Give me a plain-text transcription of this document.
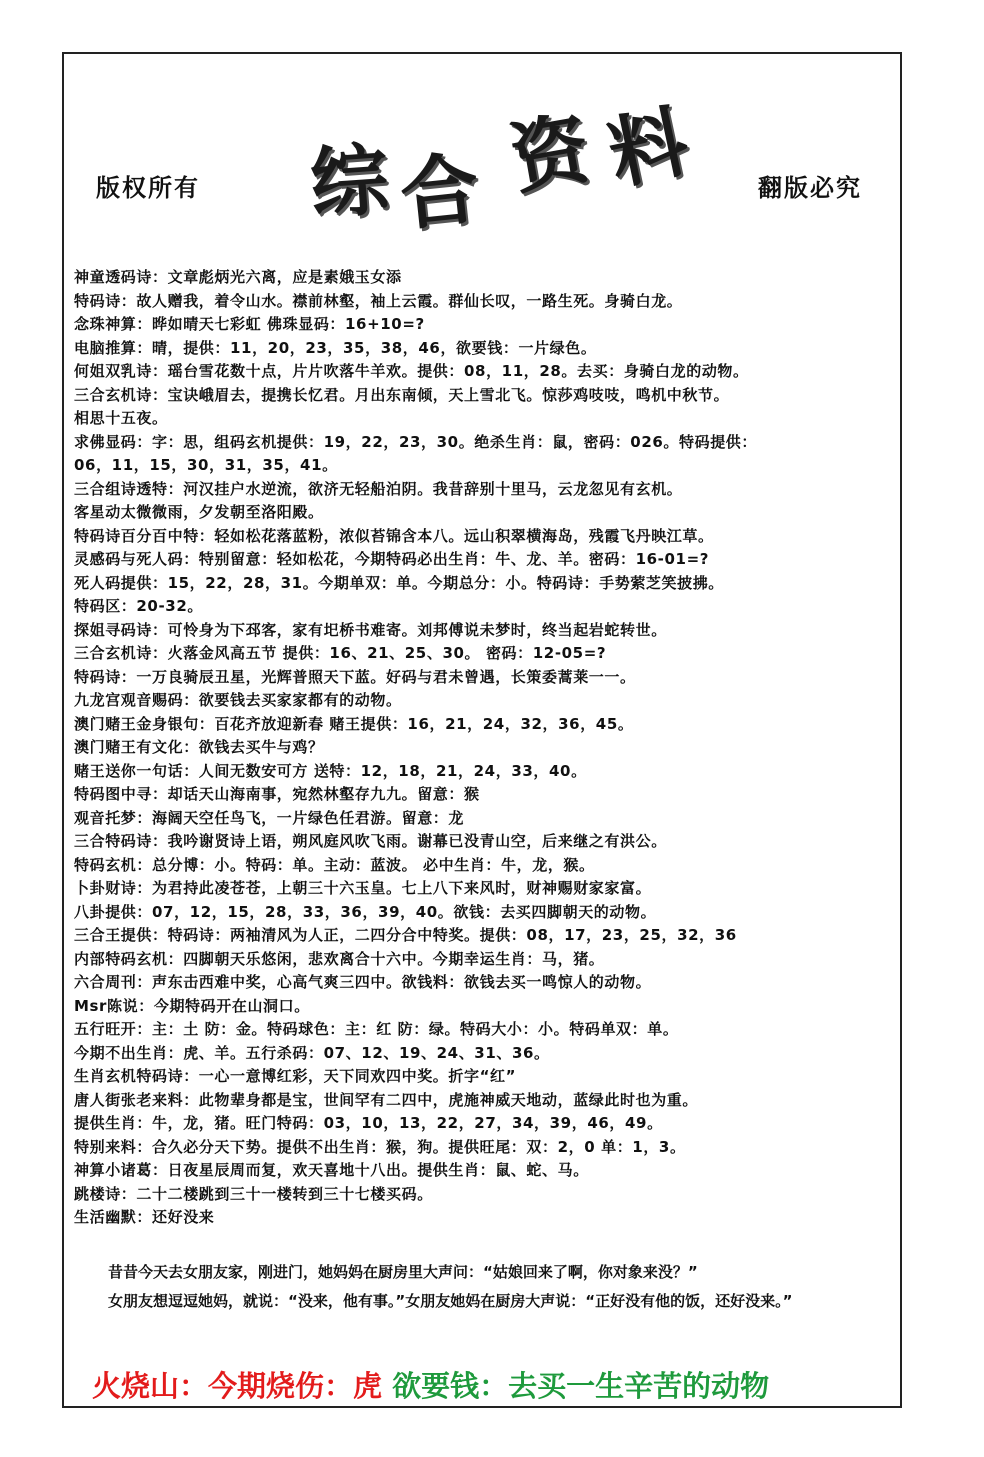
版权所有	翻版必究
综 合 资 料
神童透码诗：文章彪炳光六离，应是素娥玉女添
特码诗：故人赠我，着令山水。襟前林壑，袖上云霞。群仙长叹，一路生死。身骑白龙。
念珠神算：晔如晴天七彩虹 佛珠显码：16+10=?
电脑推算：晴，提供：11，20，23，35，38，46，欲要钱：一片绿色。
何姐双乳诗：瑶台雪花数十点，片片吹落牛羊欢。提供：08，11，28。去买：身骑白龙的动物。
三合玄机诗：宝诀峨眉去，提携长忆君。月出东南倾，天上雪北飞。惊莎鸡吱吱，鸣机中秋节。
相思十五夜。
求佛显码：字：思，组码玄机提供：19，22，23，30。绝杀生肖：鼠，密码：026。特码提供：
06，11，15，30，31，35，41。
三合组诗透特：河汉挂户水逆流，欲济无轻船泊阴。我昔辞别十里马，云龙忽见有玄机。
客星动太微微雨，夕发朝至洛阳殿。
特码诗百分百中特：轻如松花落蓝粉，浓似苔锦含本八。远山积翠横海岛，残霞飞丹映江草。
灵感码与死人码：特别留意：轻如松花，今期特码必出生肖：牛、龙、羊。密码：16-01=?
死人码提供：15，22，28，31。今期单双：单。今期总分：小。特码诗：手势萦芝笑披拂。
特码区：20-32。
探姐寻码诗：可怜身为下邳客，家有圯桥书难寄。刘邦傅说未梦时，终当起岩蛇转世。
三合玄机诗：火落金风高五节 提供：16、21、25、30。 密码：12-05=?
特码诗：一万良骑辰丑星，光辉普照天下蓝。好码与君未曾遇，长策委蒿莱一一。
九龙宫观音赐码：欲要钱去买家家都有的动物。
澳门赌王金身银句：百花齐放迎新春 赌王提供：16，21，24，32，36，45。
澳门赌王有文化：欲钱去买牛与鸡？
赌王送你一句话：人间无数安可方 送特：12，18，21，24，33，40。
特码图中寻：却话天山海南事，宛然林壑存九九。留意：猴
观音托梦：海阔天空任鸟飞，一片绿色任君游。留意：龙
三合特码诗：我吟谢贤诗上语，朔风庭风吹飞雨。谢幕已没青山空，后来继之有洪公。
特码玄机：总分博：小。特码：单。主动：蓝波。 必中生肖：牛，龙，猴。
卜卦财诗：为君持此凌苍苍，上朝三十六玉皇。七上八下来风时，财神赐财家家富。
八卦提供：07，12，15，28，33，36，39，40。欲钱：去买四脚朝天的动物。
三合王提供：特码诗：两袖清风为人正，二四分合中特奖。提供：08，17，23，25，32，36
内部特码玄机：四脚朝天乐悠闲，悲欢离合十六中。今期幸运生肖：马，猪。
六合周刊：声东击西难中奖，心高气爽三四中。欲钱料：欲钱去买一鸣惊人的动物。
Msr陈说：今期特码开在山洞口。
五行旺开：主：土 防：金。特码球色：主：红 防：绿。特码大小：小。特码单双：单。
今期不出生肖：虎、羊。五行杀码：07、12、19、24、31、36。
生肖玄机特码诗：一心一意博红彩，天下同欢四中奖。折字“红”
唐人街张老来料：此物辈身都是宝，世间罕有二四中，虎施神威天地动，蓝绿此时也为重。
提供生肖：牛，龙，猪。旺门特码：03，10，13，22，27，34，39，46，49。
特别来料：合久必分天下势。提供不出生肖：猴，狗。提供旺尾：双：2，0 单：1，3。
神算小诸葛：日夜星辰周而复，欢天喜地十八出。提供生肖：鼠、蛇、马。
跳楼诗：二十二楼跳到三十一楼转到三十七楼买码。
生活幽默：还好没来
昔昔今天去女朋友家，刚进门，她妈妈在厨房里大声问：“姑娘回来了啊，你对象来没？”
女朋友想逗逗她妈，就说：“没来，他有事。”女朋友她妈在厨房大声说：“正好没有他的饭，还好没来。”
火烧山：今期烧伤：虎 欲要钱：去买一生辛苦的动物
